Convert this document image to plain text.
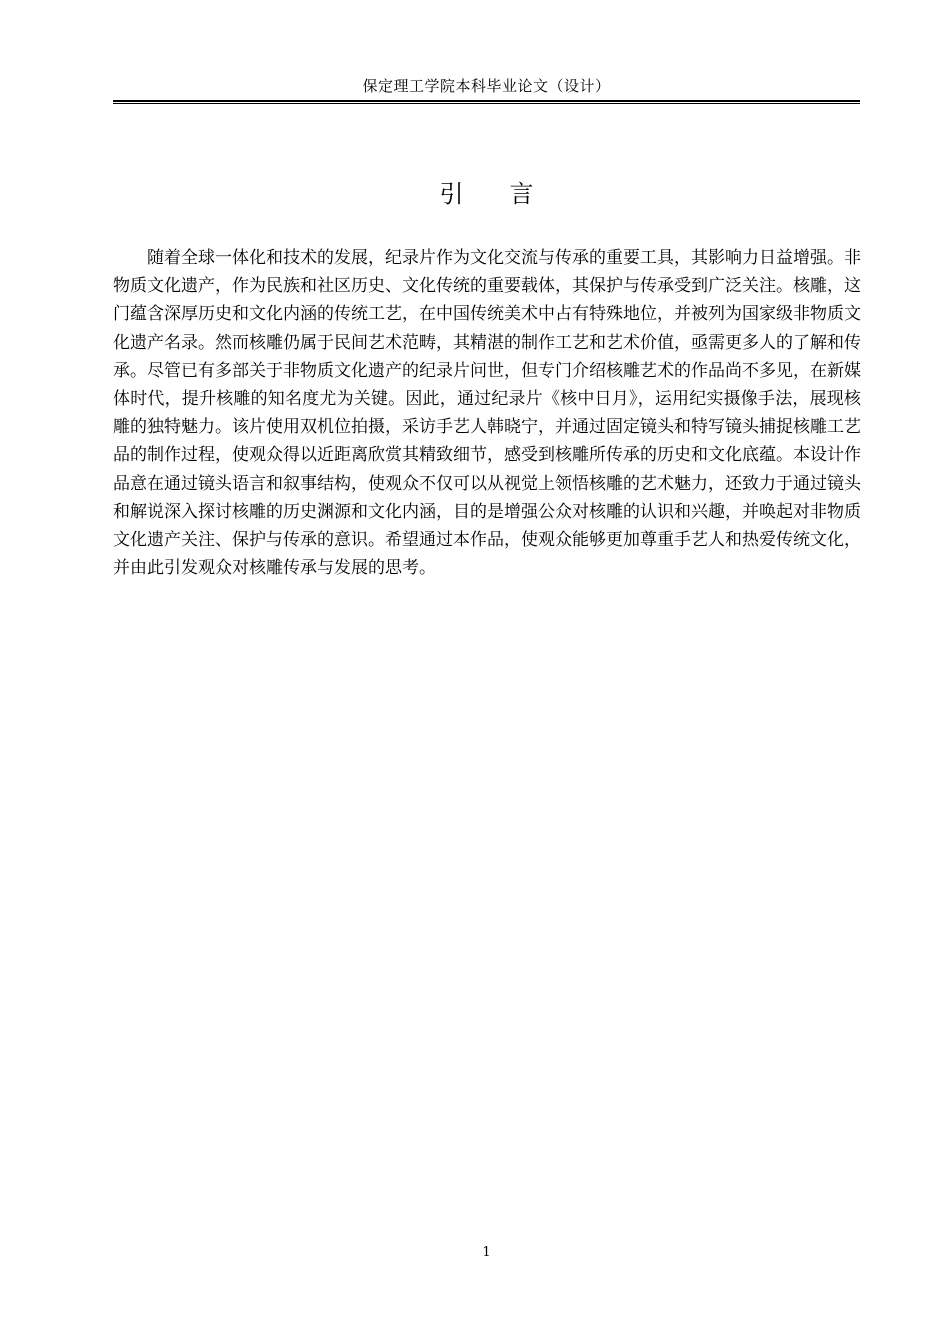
保定理工学院本科毕业论文（设计）
引 言

随着全球一体化和技术的发展，纪录片作为文化交流与传承的重要工具，其影响力日益增强。非物质文化遗产，作为民族和社区历史、文化传统的重要载体，其保护与传承受到广泛关注。核雕，这门蕴含深厚历史和文化内涵的传统工艺，在中国传统美术中占有特殊地位，并被列为国家级非物质文化遗产名录。然而核雕仍属于民间艺术范畴，其精湛的制作工艺和艺术价值，亟需更多人的了解和传承。尽管已有多部关于非物质文化遗产的纪录片问世，但专门介绍核雕艺术的作品尚不多见，在新媒体时代，提升核雕的知名度尤为关键。因此，通过纪录片《核中日月》，运用纪实摄像手法，展现核雕的独特魅力。该片使用双机位拍摄，采访手艺人韩晓宁，并通过固定镜头和特写镜头捕捉核雕工艺品的制作过程，使观众得以近距离欣赏其精致细节，感受到核雕所传承的历史和文化底蕴。本设计作品意在通过镜头语言和叙事结构，使观众不仅可以从视觉上领悟核雕的艺术魅力，还致力于通过镜头和解说深入探讨核雕的历史渊源和文化内涵，目的是增强公众对核雕的认识和兴趣，并唤起对非物质文化遗产关注、保护与传承的意识。希望通过本作品，使观众能够更加尊重手艺人和热爱传统文化，并由此引发观众对核雕传承与发展的思考。

1
